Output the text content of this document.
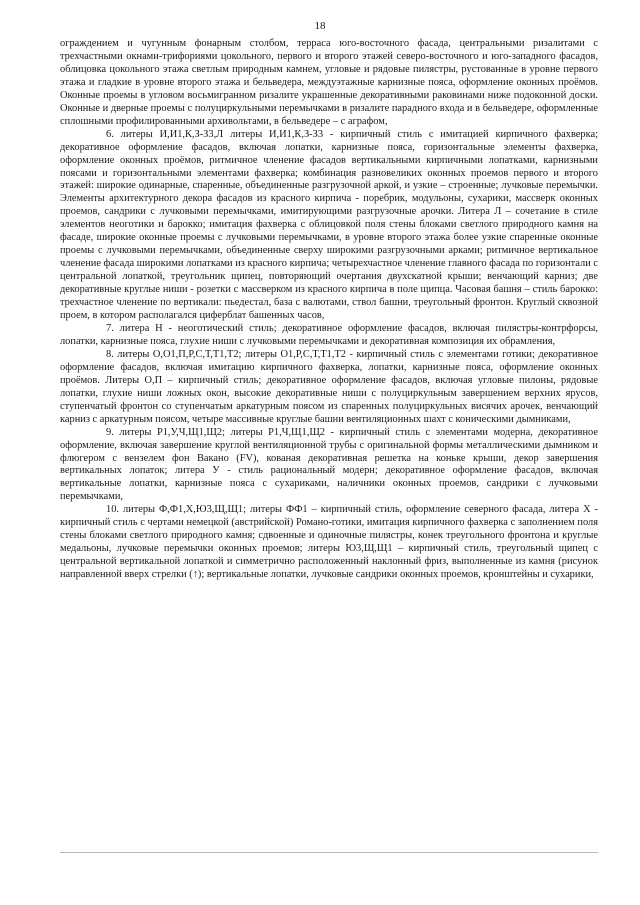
18

ограждением и чугунным фонарным столбом, терраса юго-восточного фасада, центральными ризалитами с трехчастными окнами-трифориями цокольного, первого и второго этажей северо-восточного и юго-западного фасадов, облицовка цокольного этажа светлым природным камнем, угловые и рядовые пилястры, рустованные в уровне первого этажа и гладкие в уровне второго этажа и бельведера, междуэтажные карнизные пояса, оформление оконных проёмов. Оконные проемы в угловом восьмигранном ризалите украшенные декоративными раковинами ниже подоконной доски. Оконные и дверные проемы с полуциркульными перемычками в ризалите парадного входа и в бельведере, оформленные сплошными профилированными архивольтами, в бельведере – с агрaфом,

6. литеры И,И1,К,З-З3,Л литеры И,И1,К,З-З3 - кирпичный стиль с имитацией кирпичного фахверка; декоративное оформление фасадов, включая лопатки, карнизные пояса, горизонтальные элементы фахверка, оформление оконных проёмов, ритмичное членение фасадов вертикальными кирпичными лопатками, карнизными поясами и горизонтальными элементами фахверка; комбинация разновеликих оконных проемов первого и второго этажей: широкие одинарные, спаренные, объединенные разгрузочной аркой, и узкие – строенные; лучковые перемычки. Элементы архитектурного декора фасадов из красного кирпича - поребрик, модульоны, сухарики, массверк оконных проемов, сандрики с лучковыми перемычками, имитирующими разгрузочные арочки. Литера Л – сочетание в стиле элементов неоготики и барокко; имитация фахверка с облицовкой поля стены блоками светлого природного камня на фасаде, широкие оконные проемы с лучковыми перемычками, в уровне второго этажа более узкие спаренные оконные проемы с лучковыми перемычками, объединенные сверху широкими разгрузочными арками; ритмичное вертикальное членение фасада широкими лопатками из красного кирпича; четырехчастное членение главного фасада по горизонтали с центральной лопаткой, треугольник щипец, повторяющий очертания двухскатной крыши; венчающий карниз; две декоративные круглые ниши - розетки с массверком из красного кирпича в поле щипца. Часовая башня – стиль барокко: трехчастное членение по вертикали: пьедестал, база с валютами, ствол башни, треугольный фронтон. Круглый сквозной проем, в котором располагался циферблат башенных часов,

7. литера Н - неоготический стиль; декоративное оформление фасадов, включая пилястры-контрфорсы, лопатки, карнизные пояса, глухие ниши с лучковыми перемычками и декоративная композиция их обрамления,

8. литеры О,О1,П,Р,С,Т,Т1,Т2; литеры О1,Р,С,Т,Т1,Т2 - кирпичный стиль с элементами готики; декоративное оформление фасадов, включая имитацию кирпичного фахверка, лопатки, карнизные пояса, оформление оконных проёмов. Литеры О,П – кирпичный стиль; декоративное оформление фасадов, включая угловые пилоны, рядовые лопатки, глухие ниши ложных окон, высокие декоративные ниши с полуциркульным завершением верхних ярусов, ступенчатый фронтон со ступенчатым аркатурным поясом из спаренных полуциркульных висячих арочек, венчающий карниз с аркатурным поясом, четыре массивные круглые башни вентиляционных шахт с коническими дымниками,

9. литеры Р1,У,Ч,Щ1,Щ2; литеры Р1,Ч,Щ1,Щ2 - кирпичный стиль с элементами модерна, декоративное оформление, включая завершение круглой вентиляционной трубы с оригинальной формы металлическими дымником и флюгером с вензелем фон Вакано (FV), кованая декоративная решетка на коньке крыши, декор завершения вертикальных лопаток; литера У - стиль рациональный модерн; декоративное оформление фасадов, включая вертикальные лопатки, карнизные пояса с сухариками, наличники оконных проемов, сандрики с лучковыми перемычками,

10. литеры Ф,Ф1,Х,Ю3,Щ,Щ1; литеры ФФ1 – кирпичный стиль, оформление северного фасада, литера Х - кирпичный стиль с чертами немецкой (австрийской) Романо-готики, имитация кирпичного фахверка с заполнением поля стены блоками светлого природного камня; сдвоенные и одиночные пилястры, конек треугольного фронтона и круглые медальоны, лучковые перемычки оконных проемов; литеры Ю3,Щ,Щ1 – кирпичный стиль, треугольный щипец с центральной вертикальной лопаткой и симметрично расположенный наклонный фриз, выполненные из камня (рисунок направленной вверх стрелки (↑); вертикальные лопатки, лучковые сандрики оконных проемов, кронштейны и сухарики,
